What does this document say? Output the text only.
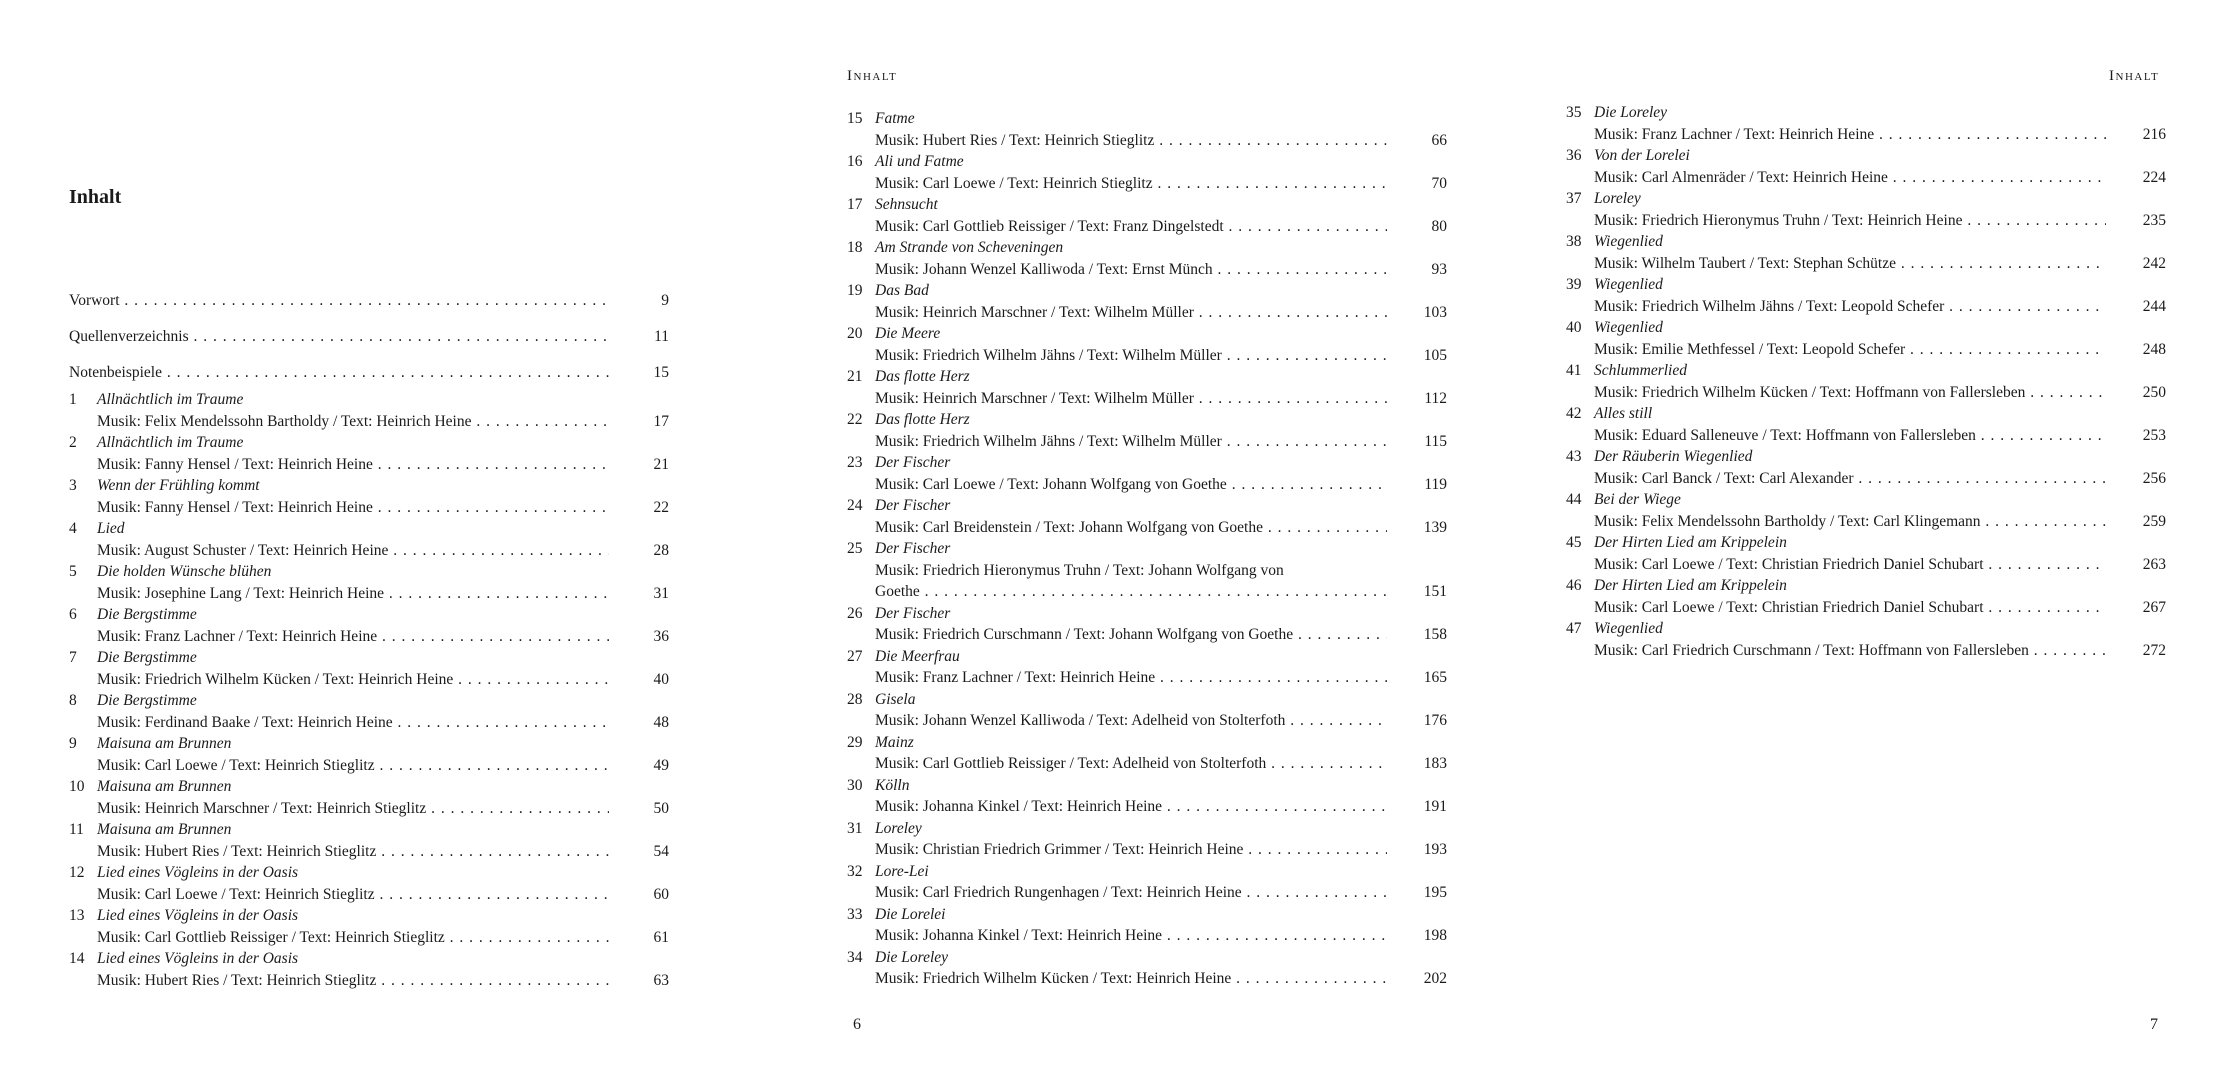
Inhalt
Vorwort . . .	9
Quellenverzeichnis . . .	11
Notenbeispiele . . .	15
1 Allnächtlich im Traume
Musik: Felix Mendelssohn Bartholdy / Text: Heinrich Heine . . .	17
2 Allnächtlich im Traume
Musik: Fanny Hensel / Text: Heinrich Heine . . .	21
3 Wenn der Frühling kommt
Musik: Fanny Hensel / Text: Heinrich Heine . . .	22
4 Lied
Musik: August Schuster / Text: Heinrich Heine . . .	28
5 Die holden Wünsche blühen
Musik: Josephine Lang / Text: Heinrich Heine . . .	31
6 Die Bergstimme
Musik: Franz Lachner / Text: Heinrich Heine . . .	36
7 Die Bergstimme
Musik: Friedrich Wilhelm Kücken / Text: Heinrich Heine . . .	40
8 Die Bergstimme
Musik: Ferdinand Baake / Text: Heinrich Heine . . .	48
9 Maisuna am Brunnen
Musik: Carl Loewe / Text: Heinrich Stieglitz . . .	49
10 Maisuna am Brunnen
Musik: Heinrich Marschner / Text: Heinrich Stieglitz . . .	50
11 Maisuna am Brunnen
Musik: Hubert Ries / Text: Heinrich Stieglitz . . .	54
12 Lied eines Vögleins in der Oasis
Musik: Carl Loewe / Text: Heinrich Stieglitz . . .	60
13 Lied eines Vögleins in der Oasis
Musik: Carl Gottlieb Reissiger / Text: Heinrich Stieglitz . . .	61
14 Lied eines Vögleins in der Oasis
Musik: Hubert Ries / Text: Heinrich Stieglitz . . .	63
Inhalt
15 Fatme
Musik: Hubert Ries / Text: Heinrich Stieglitz . . .	66
16 Ali und Fatme
Musik: Carl Loewe / Text: Heinrich Stieglitz . . .	70
17 Sehnsucht
Musik: Carl Gottlieb Reissiger / Text: Franz Dingelstedt . . .	80
18 Am Strande von Scheveningen
Musik: Johann Wenzel Kalliwoda / Text: Ernst Münch . . .	93
19 Das Bad
Musik: Heinrich Marschner / Text: Wilhelm Müller . . .	103
20 Die Meere
Musik: Friedrich Wilhelm Jähns / Text: Wilhelm Müller . . .	105
21 Das flotte Herz
Musik: Heinrich Marschner / Text: Wilhelm Müller . . .	112
22 Das flotte Herz
Musik: Friedrich Wilhelm Jähns / Text: Wilhelm Müller . . .	115
23 Der Fischer
Musik: Carl Loewe / Text: Johann Wolfgang von Goethe . . .	119
24 Der Fischer
Musik: Carl Breidenstein / Text: Johann Wolfgang von Goethe . . .	139
25 Der Fischer
Musik: Friedrich Hieronymus Truhn / Text: Johann Wolfgang von
Goethe . . .	151
26 Der Fischer
Musik: Friedrich Curschmann / Text: Johann Wolfgang von Goethe . . .	158
27 Die Meerfrau
Musik: Franz Lachner / Text: Heinrich Heine . . .	165
28 Gisela
Musik: Johann Wenzel Kalliwoda / Text: Adelheid von Stolterfoth . . .	176
29 Mainz
Musik: Carl Gottlieb Reissiger / Text: Adelheid von Stolterfoth . . .	183
30 Kölln
Musik: Johanna Kinkel / Text: Heinrich Heine . . .	191
31 Loreley
Musik: Christian Friedrich Grimmer / Text: Heinrich Heine . . .	193
32 Lore-Lei
Musik: Carl Friedrich Rungenhagen / Text: Heinrich Heine . . .	195
33 Die Lorelei
Musik: Johanna Kinkel / Text: Heinrich Heine . . .	198
34 Die Loreley
Musik: Friedrich Wilhelm Kücken / Text: Heinrich Heine . . .	202
6
Inhalt
35 Die Loreley
Musik: Franz Lachner / Text: Heinrich Heine . . .	216
36 Von der Lorelei
Musik: Carl Almenräder / Text: Heinrich Heine . . .	224
37 Loreley
Musik: Friedrich Hieronymus Truhn / Text: Heinrich Heine . . .	235
38 Wiegenlied
Musik: Wilhelm Taubert / Text: Stephan Schütze . . .	242
39 Wiegenlied
Musik: Friedrich Wilhelm Jähns / Text: Leopold Schefer . . .	244
40 Wiegenlied
Musik: Emilie Methfessel / Text: Leopold Schefer . . .	248
41 Schlummerlied
Musik: Friedrich Wilhelm Kücken / Text: Hoffmann von Fallersleben . . .	250
42 Alles still
Musik: Eduard Salleneuve / Text: Hoffmann von Fallersleben . . .	253
43 Der Räuberin Wiegenlied
Musik: Carl Banck / Text: Carl Alexander . . .	256
44 Bei der Wiege
Musik: Felix Mendelssohn Bartholdy / Text: Carl Klingemann . . .	259
45 Der Hirten Lied am Krippelein
Musik: Carl Loewe / Text: Christian Friedrich Daniel Schubart . . .	263
46 Der Hirten Lied am Krippelein
Musik: Carl Loewe / Text: Christian Friedrich Daniel Schubart . . .	267
47 Wiegenlied
Musik: Carl Friedrich Curschmann / Text: Hoffmann von Fallersleben . . .	272
7
